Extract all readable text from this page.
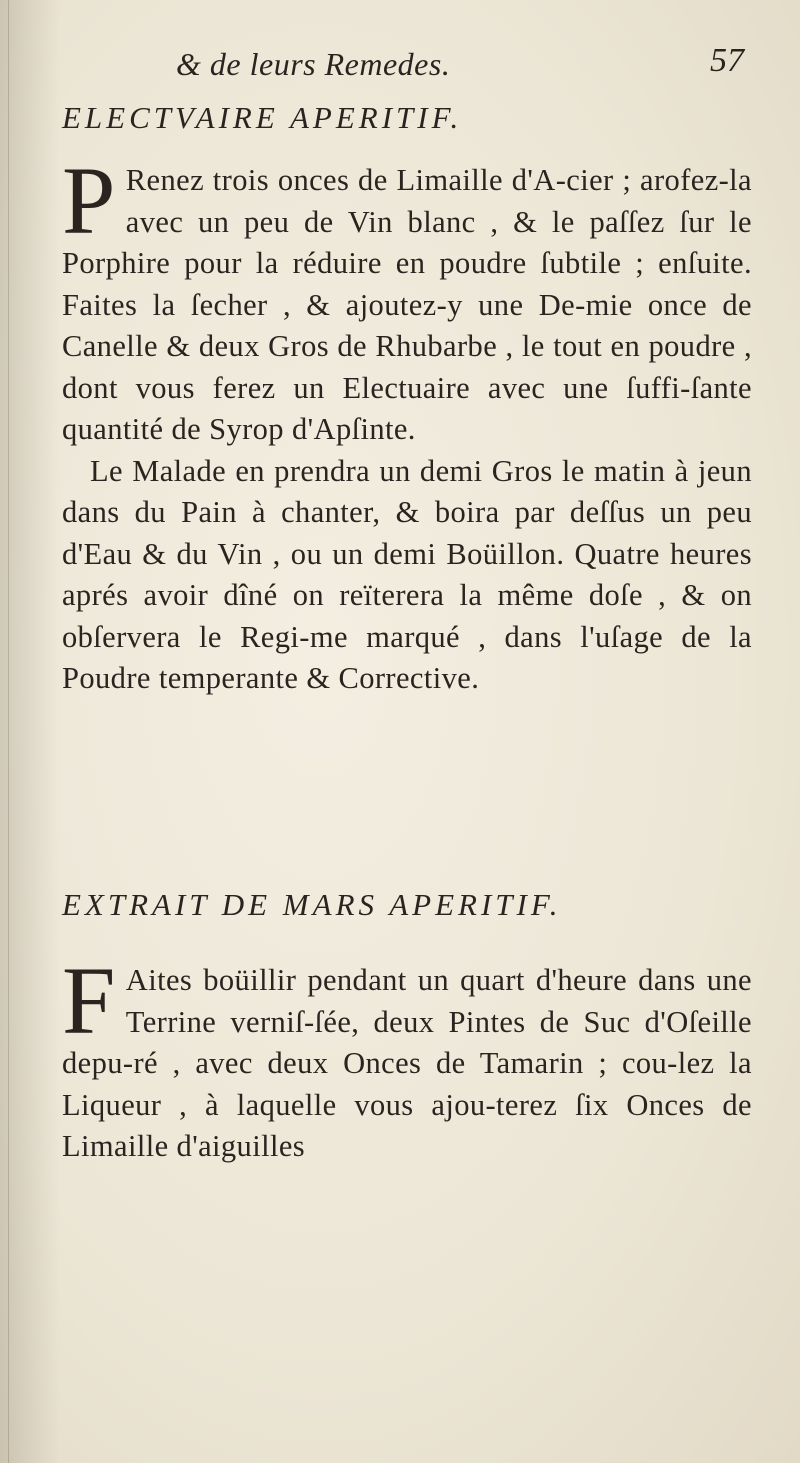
& de leurs Remedes.	57
ELECTVAIRE APERITIF.

P Renez trois onces de Limaille d'A-cier ; arofez-la avec un peu de Vin blanc , & le paſſez ſur le Porphire pour la réduire en poudre ſubtile ; enſuite. Faites la ſecher , & ajoutez-y une De-mie once de Canelle & deux Gros de Rhubarbe , le tout en poudre , dont vous ferez un Electuaire avec une ſuffi-ſante quantité de Syrop d'Apſinte.

Le Malade en prendra un demi Gros le matin à jeun dans du Pain à chanter, & boira par deſſus un peu d'Eau & du Vin , ou un demi Boüillon. Quatre heures aprés avoir dîné on reïterera la même doſe , & on obſervera le Regi-me marqué , dans l'uſage de la Poudre temperante & Corrective.

EXTRAIT DE MARS APERITIF.

F Aites boüillir pendant un quart d'heure dans une Terrine verniſ-ſée, deux Pintes de Suc d'Oſeille depu-ré , avec deux Onces de Tamarin ; cou-lez la Liqueur , à laquelle vous ajou-terez ſix Onces de Limaille d'aiguilles
